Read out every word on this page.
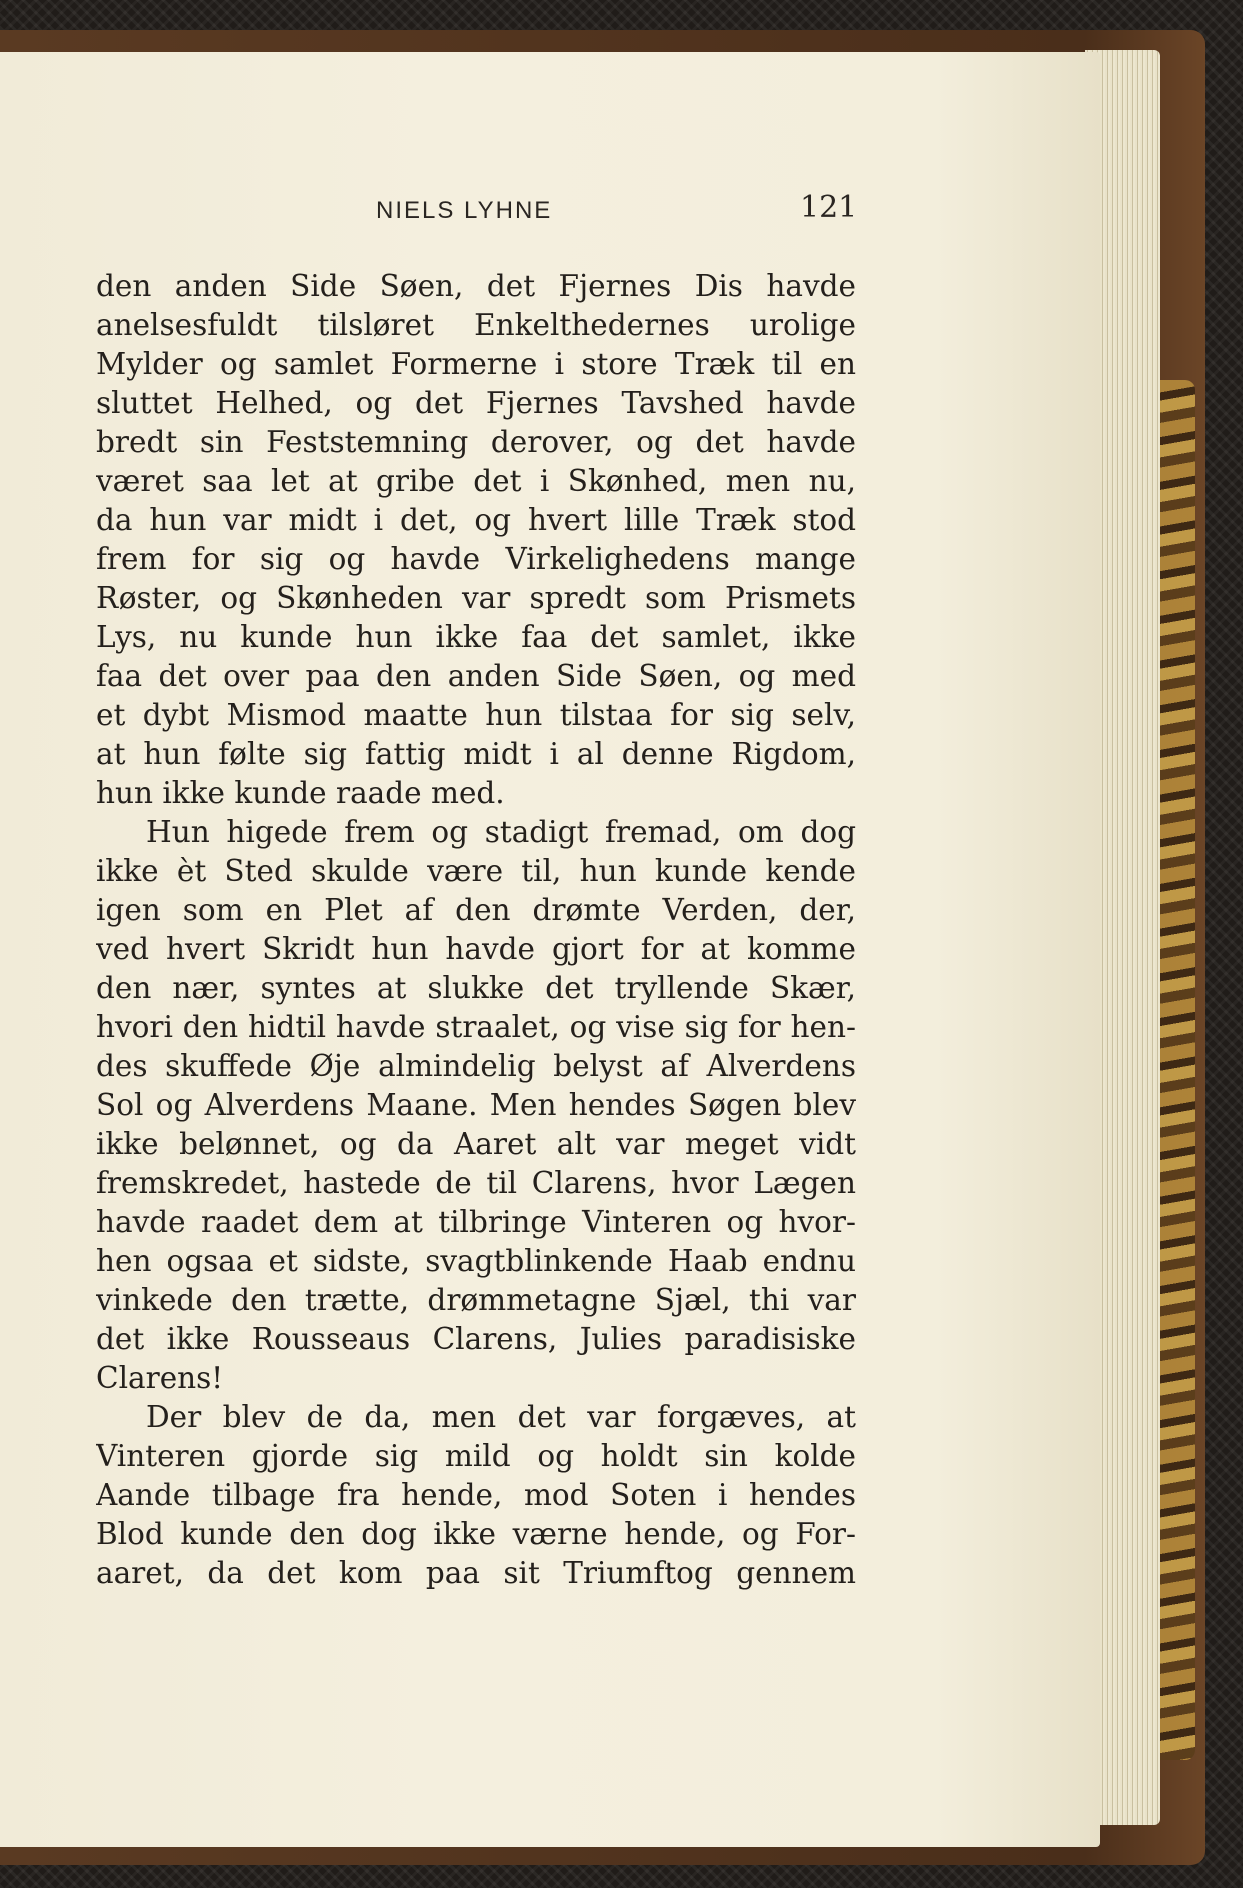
NIELS LYHNE	121
den anden Side Søen, det Fjernes Dis havde
anelsesfuldt tilsløret Enkelthedernes urolige
Mylder og samlet Formerne i store Træk til en
sluttet Helhed, og det Fjernes Tavshed havde
bredt sin Feststemning derover, og det havde
været saa let at gribe det i Skønhed, men nu,
da hun var midt i det, og hvert lille Træk stod
frem for sig og havde Virkelighedens mange
Røster, og Skønheden var spredt som Prismets
Lys, nu kunde hun ikke faa det samlet, ikke
faa det over paa den anden Side Søen, og med
et dybt Mismod maatte hun tilstaa for sig selv,
at hun følte sig fattig midt i al denne Rigdom,
hun ikke kunde raade med.
Hun higede frem og stadigt fremad, om dog
ikke èt Sted skulde være til, hun kunde kende
igen som en Plet af den drømte Verden, der,
ved hvert Skridt hun havde gjort for at komme
den nær, syntes at slukke det tryllende Skær,
hvori den hidtil havde straalet, og vise sig for hen-
des skuffede Øje almindelig belyst af Alverdens
Sol og Alverdens Maane. Men hendes Søgen blev
ikke belønnet, og da Aaret alt var meget vidt
fremskredet, hastede de til Clarens, hvor Lægen
havde raadet dem at tilbringe Vinteren og hvor-
hen ogsaa et sidste, svagtblinkende Haab endnu
vinkede den trætte, drømmetagne Sjæl, thi var
det ikke Rousseaus Clarens, Julies paradisiske
Clarens!
Der blev de da, men det var forgæves, at
Vinteren gjorde sig mild og holdt sin kolde
Aande tilbage fra hende, mod Soten i hendes
Blod kunde den dog ikke værne hende, og For-
aaret, da det kom paa sit Triumftog gennem
